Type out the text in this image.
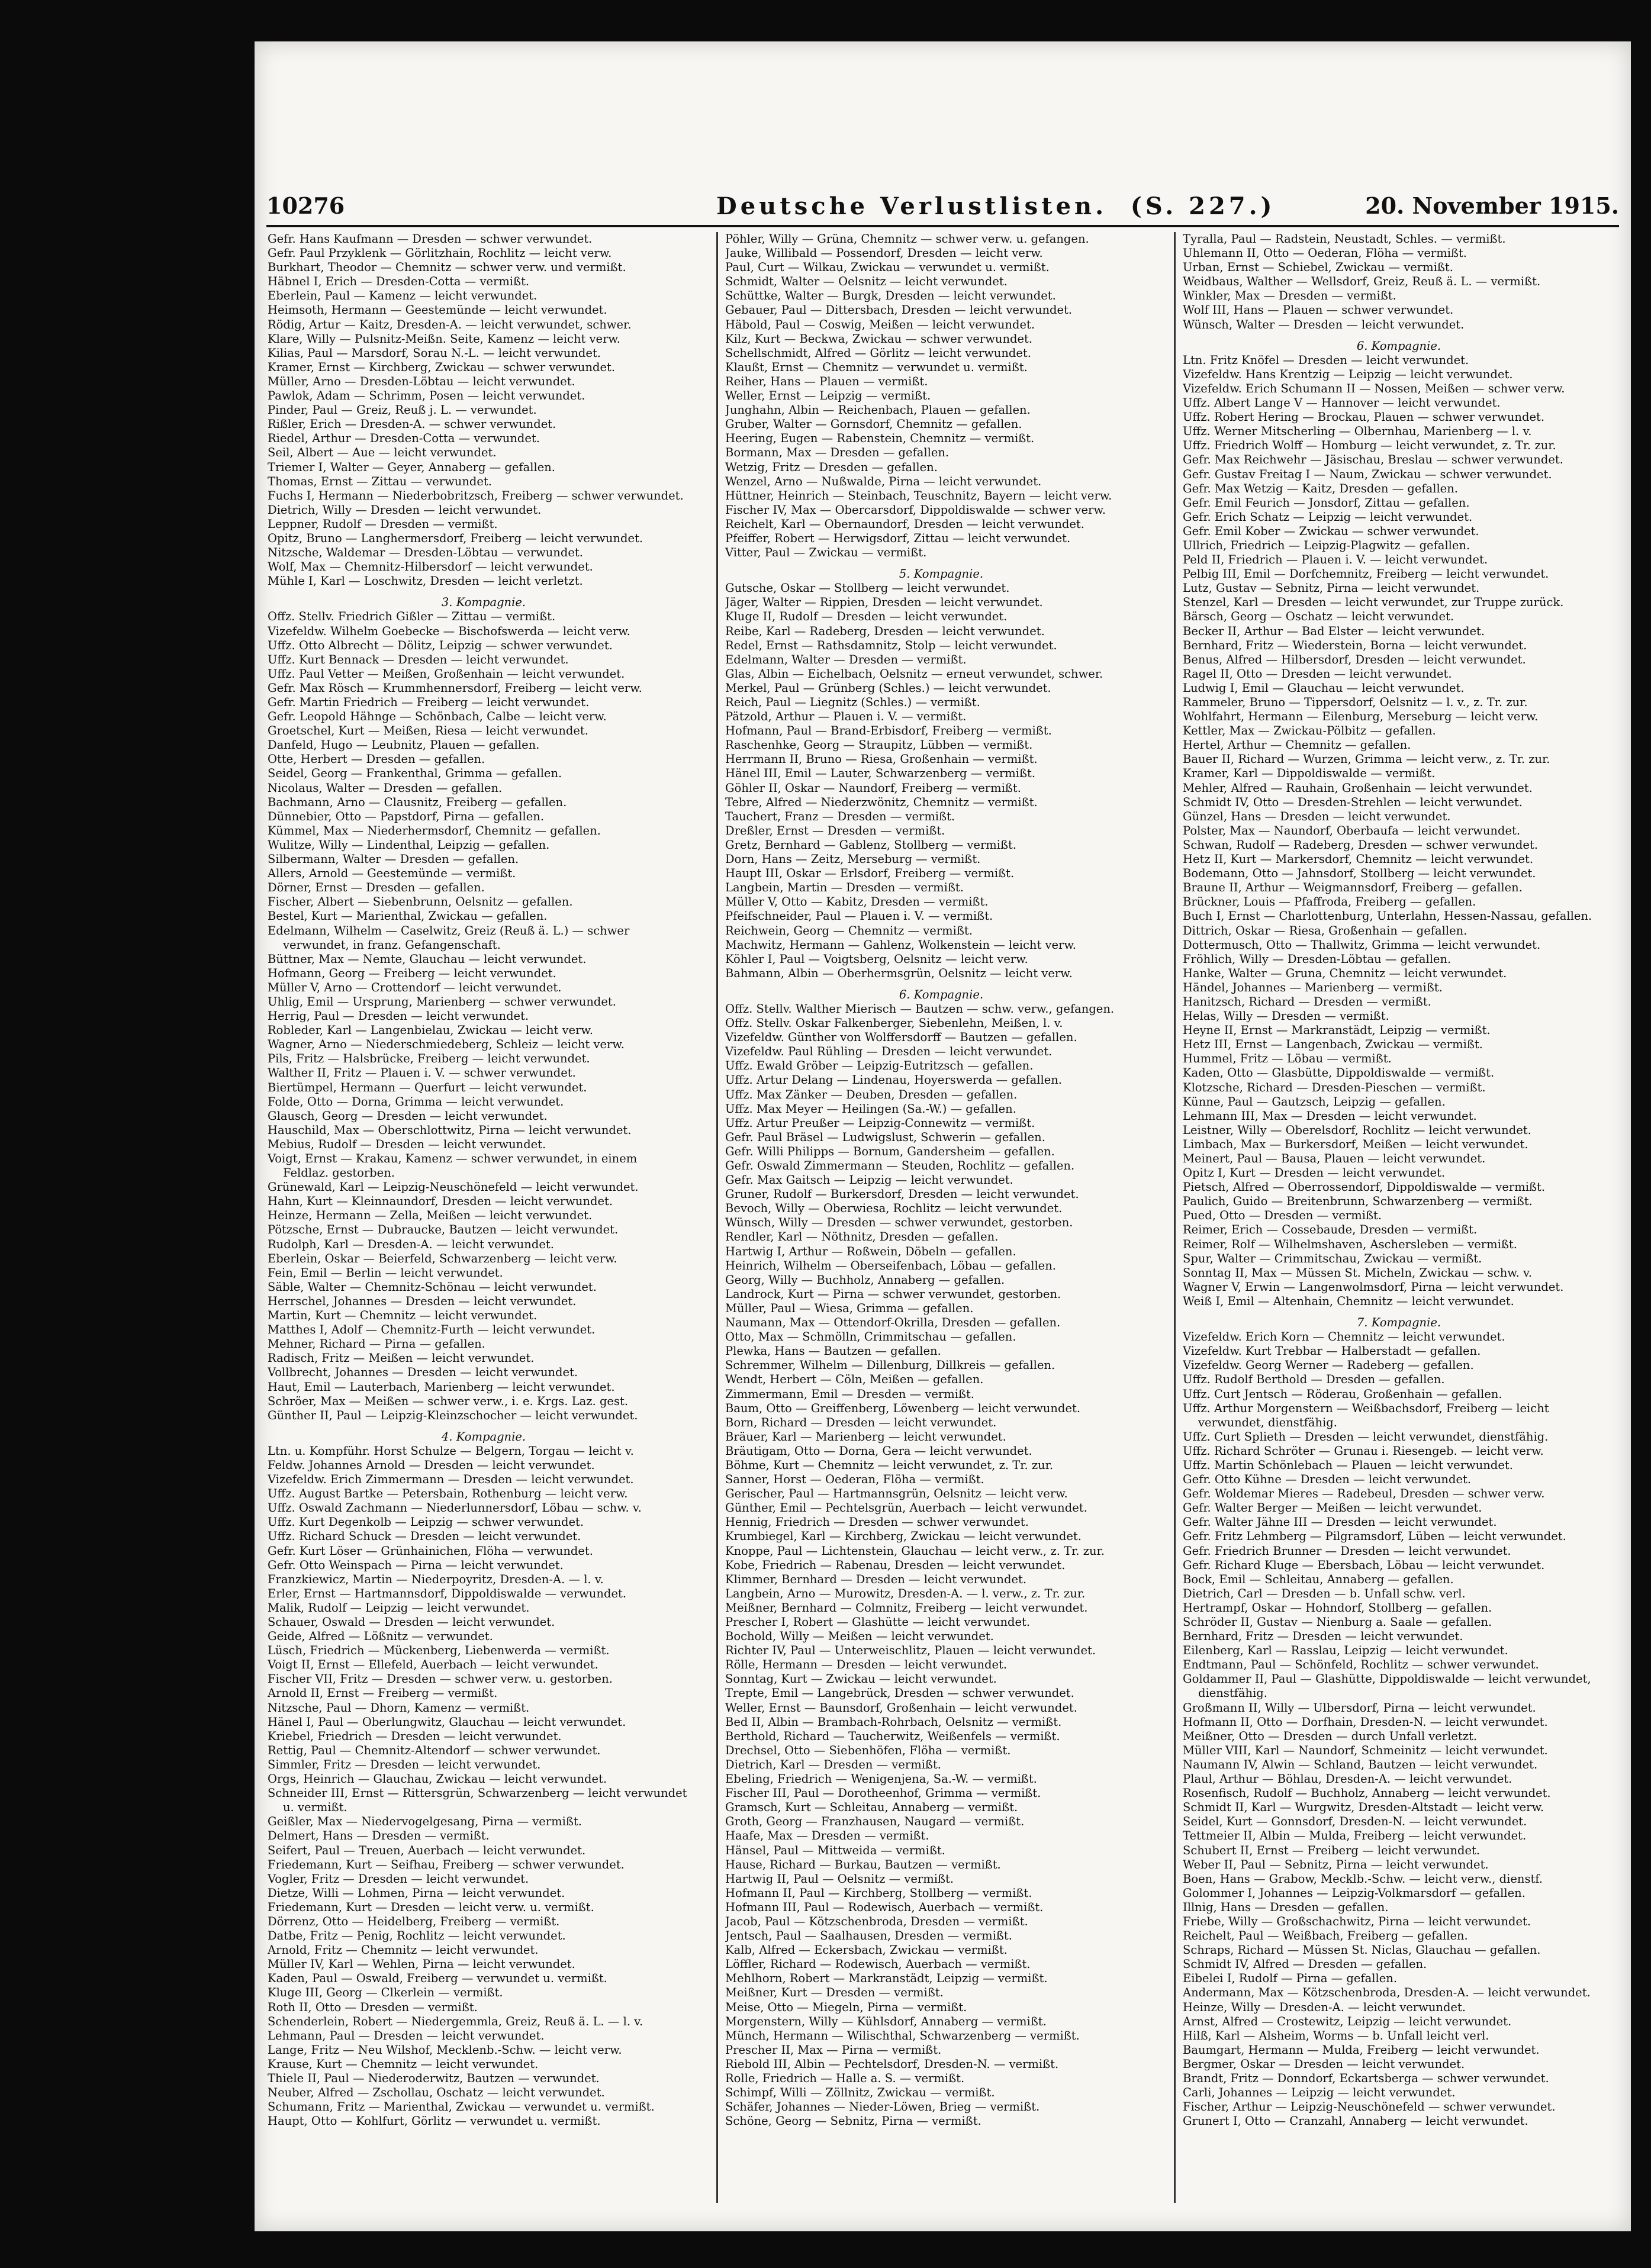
10276	Deutsche Verlustlisten. (S. 227.)	20. November 1915.
Gefr. Hans Kaufmann — Dresden — schwer verwundet.
Gefr. Paul Przyklenk — Görlitzhain, Rochlitz — leicht verw.
Burkhart, Theodor — Chemnitz — schwer verw. und vermißt.
Häbnel I, Erich — Dresden-Cotta — vermißt.
Eberlein, Paul — Kamenz — leicht verwundet.
Heimsoth, Hermann — Geestemünde — leicht verwundet.
Rödig, Artur — Kaitz, Dresden-A. — leicht verwundet, schwer.
Klare, Willy — Pulsnitz-Meißn. Seite, Kamenz — leicht verw.
Kilias, Paul — Marsdorf, Sorau N.-L. — leicht verwundet.
Kramer, Ernst — Kirchberg, Zwickau — schwer verwundet.
Müller, Arno — Dresden-Löbtau — leicht verwundet.
Pawlok, Adam — Schrimm, Posen — leicht verwundet.
Pinder, Paul — Greiz, Reuß j. L. — verwundet.
Rißler, Erich — Dresden-A. — schwer verwundet.
Riedel, Arthur — Dresden-Cotta — verwundet.
Seil, Albert — Aue — leicht verwundet.
Triemer I, Walter — Geyer, Annaberg — gefallen.
Thomas, Ernst — Zittau — verwundet.
Fuchs I, Hermann — Niederbobritzsch, Freiberg — schwer verwundet.
Dietrich, Willy — Dresden — leicht verwundet.
Leppner, Rudolf — Dresden — vermißt.
Opitz, Bruno — Langhermersdorf, Freiberg — leicht verwundet.
Nitzsche, Waldemar — Dresden-Löbtau — verwundet.
Wolf, Max — Chemnitz-Hilbersdorf — leicht verwundet.
Mühle I, Karl — Loschwitz, Dresden — leicht verletzt.
3. Kompagnie.
Offz. Stellv. Friedrich Gißler — Zittau — vermißt.
Vizefeldw. Wilhelm Goebecke — Bischofswerda — leicht verw.
Uffz. Otto Albrecht — Dölitz, Leipzig — schwer verwundet.
Uffz. Kurt Bennack — Dresden — leicht verwundet.
Uffz. Paul Vetter — Meißen, Großenhain — leicht verwundet.
Gefr. Max Rösch — Krummhennersdorf, Freiberg — leicht verw.
Gefr. Martin Friedrich — Freiberg — leicht verwundet.
Gefr. Leopold Hähnge — Schönbach, Calbe — leicht verw.
Groetschel, Kurt — Meißen, Riesa — leicht verwundet.
Danfeld, Hugo — Leubnitz, Plauen — gefallen.
Otte, Herbert — Dresden — gefallen.
Seidel, Georg — Frankenthal, Grimma — gefallen.
Nicolaus, Walter — Dresden — gefallen.
Bachmann, Arno — Clausnitz, Freiberg — gefallen.
Dünnebier, Otto — Papstdorf, Pirna — gefallen.
Kümmel, Max — Niederhermsdorf, Chemnitz — gefallen.
Wulitze, Willy — Lindenthal, Leipzig — gefallen.
Silbermann, Walter — Dresden — gefallen.
Allers, Arnold — Geestemünde — vermißt.
Dörner, Ernst — Dresden — gefallen.
Fischer, Albert — Siebenbrunn, Oelsnitz — gefallen.
Bestel, Kurt — Marienthal, Zwickau — gefallen.
Edelmann, Wilhelm — Caselwitz, Greiz (Reuß ä. L.) — schwer
verwundet, in franz. Gefangenschaft.
Büttner, Max — Nemte, Glauchau — leicht verwundet.
Hofmann, Georg — Freiberg — leicht verwundet.
Müller V, Arno — Crottendorf — leicht verwundet.
Uhlig, Emil — Ursprung, Marienberg — schwer verwundet.
Herrig, Paul — Dresden — leicht verwundet.
Robleder, Karl — Langenbielau, Zwickau — leicht verw.
Wagner, Arno — Niederschmiedeberg, Schleiz — leicht verw.
Pils, Fritz — Halsbrücke, Freiberg — leicht verwundet.
Walther II, Fritz — Plauen i. V. — schwer verwundet.
Biertümpel, Hermann — Querfurt — leicht verwundet.
Folde, Otto — Dorna, Grimma — leicht verwundet.
Glausch, Georg — Dresden — leicht verwundet.
Hauschild, Max — Oberschlottwitz, Pirna — leicht verwundet.
Mebius, Rudolf — Dresden — leicht verwundet.
Voigt, Ernst — Krakau, Kamenz — schwer verwundet, in einem
Feldlaz. gestorben.
Grünewald, Karl — Leipzig-Neuschönefeld — leicht verwundet.
Hahn, Kurt — Kleinnaundorf, Dresden — leicht verwundet.
Heinze, Hermann — Zella, Meißen — leicht verwundet.
Pötzsche, Ernst — Dubraucke, Bautzen — leicht verwundet.
Rudolph, Karl — Dresden-A. — leicht verwundet.
Eberlein, Oskar — Beierfeld, Schwarzenberg — leicht verw.
Fein, Emil — Berlin — leicht verwundet.
Säble, Walter — Chemnitz-Schönau — leicht verwundet.
Herrschel, Johannes — Dresden — leicht verwundet.
Martin, Kurt — Chemnitz — leicht verwundet.
Matthes I, Adolf — Chemnitz-Furth — leicht verwundet.
Mehner, Richard — Pirna — gefallen.
Radisch, Fritz — Meißen — leicht verwundet.
Vollbrecht, Johannes — Dresden — leicht verwundet.
Haut, Emil — Lauterbach, Marienberg — leicht verwundet.
Schröer, Max — Meißen — schwer verw., i. e. Krgs. Laz. gest.
Günther II, Paul — Leipzig-Kleinzschocher — leicht verwundet.
4. Kompagnie.
Ltn. u. Kompführ. Horst Schulze — Belgern, Torgau — leicht v.
Feldw. Johannes Arnold — Dresden — leicht verwundet.
Vizefeldw. Erich Zimmermann — Dresden — leicht verwundet.
Uffz. August Bartke — Petersbain, Rothenburg — leicht verw.
Uffz. Oswald Zachmann — Niederlunnersdorf, Löbau — schw. v.
Uffz. Kurt Degenkolb — Leipzig — schwer verwundet.
Uffz. Richard Schuck — Dresden — leicht verwundet.
Gefr. Kurt Löser — Grünhainichen, Flöha — verwundet.
Gefr. Otto Weinspach — Pirna — leicht verwundet.
Franzkiewicz, Martin — Niederpoyritz, Dresden-A. — l. v.
Erler, Ernst — Hartmannsdorf, Dippoldiswalde — verwundet.
Malik, Rudolf — Leipzig — leicht verwundet.
Schauer, Oswald — Dresden — leicht verwundet.
Geide, Alfred — Lößnitz — verwundet.
Lüsch, Friedrich — Mückenberg, Liebenwerda — vermißt.
Voigt II, Ernst — Ellefeld, Auerbach — leicht verwundet.
Fischer VII, Fritz — Dresden — schwer verw. u. gestorben.
Arnold II, Ernst — Freiberg — vermißt.
Nitzsche, Paul — Dhorn, Kamenz — vermißt.
Hänel I, Paul — Oberlungwitz, Glauchau — leicht verwundet.
Kriebel, Friedrich — Dresden — leicht verwundet.
Rettig, Paul — Chemnitz-Altendorf — schwer verwundet.
Simmler, Fritz — Dresden — leicht verwundet.
Orgs, Heinrich — Glauchau, Zwickau — leicht verwundet.
Schneider III, Ernst — Rittersgrün, Schwarzenberg — leicht verwundet
u. vermißt.
Geißler, Max — Niedervogelgesang, Pirna — vermißt.
Delmert, Hans — Dresden — vermißt.
Seifert, Paul — Treuen, Auerbach — leicht verwundet.
Friedemann, Kurt — Seifhau, Freiberg — schwer verwundet.
Vogler, Fritz — Dresden — leicht verwundet.
Dietze, Willi — Lohmen, Pirna — leicht verwundet.
Friedemann, Kurt — Dresden — leicht verw. u. vermißt.
Dörrenz, Otto — Heidelberg, Freiberg — vermißt.
Datbe, Fritz — Penig, Rochlitz — leicht verwundet.
Arnold, Fritz — Chemnitz — leicht verwundet.
Müller IV, Karl — Wehlen, Pirna — leicht verwundet.
Kaden, Paul — Oswald, Freiberg — verwundet u. vermißt.
Kluge III, Georg — Clkerlein — vermißt.
Roth II, Otto — Dresden — vermißt.
Schenderlein, Robert — Niedergemmla, Greiz, Reuß ä. L. — l. v.
Lehmann, Paul — Dresden — leicht verwundet.
Lange, Fritz — Neu Wilshof, Mecklenb.-Schw. — leicht verw.
Krause, Kurt — Chemnitz — leicht verwundet.
Thiele II, Paul — Niederoderwitz, Bautzen — verwundet.
Neuber, Alfred — Zschollau, Oschatz — leicht verwundet.
Schumann, Fritz — Marienthal, Zwickau — verwundet u. vermißt.
Haupt, Otto — Kohlfurt, Görlitz — verwundet u. vermißt.
Pöhler, Willy — Grüna, Chemnitz — schwer verw. u. gefangen.
Jauke, Willibald — Possendorf, Dresden — leicht verw.
Paul, Curt — Wilkau, Zwickau — verwundet u. vermißt.
Schmidt, Walter — Oelsnitz — leicht verwundet.
Schüttke, Walter — Burgk, Dresden — leicht verwundet.
Gebauer, Paul — Dittersbach, Dresden — leicht verwundet.
Häbold, Paul — Coswig, Meißen — leicht verwundet.
Kilz, Kurt — Beckwa, Zwickau — schwer verwundet.
Schellschmidt, Alfred — Görlitz — leicht verwundet.
Klaußt, Ernst — Chemnitz — verwundet u. vermißt.
Reiher, Hans — Plauen — vermißt.
Weller, Ernst — Leipzig — vermißt.
Junghahn, Albin — Reichenbach, Plauen — gefallen.
Gruber, Walter — Gornsdorf, Chemnitz — gefallen.
Heering, Eugen — Rabenstein, Chemnitz — vermißt.
Bormann, Max — Dresden — gefallen.
Wetzig, Fritz — Dresden — gefallen.
Wenzel, Arno — Nußwalde, Pirna — leicht verwundet.
Hüttner, Heinrich — Steinbach, Teuschnitz, Bayern — leicht verw.
Fischer IV, Max — Obercarsdorf, Dippoldiswalde — schwer verw.
Reichelt, Karl — Obernaundorf, Dresden — leicht verwundet.
Pfeiffer, Robert — Herwigsdorf, Zittau — leicht verwundet.
Vitter, Paul — Zwickau — vermißt.
5. Kompagnie.
Gutsche, Oskar — Stollberg — leicht verwundet.
Jäger, Walter — Rippien, Dresden — leicht verwundet.
Kluge II, Rudolf — Dresden — leicht verwundet.
Reibe, Karl — Radeberg, Dresden — leicht verwundet.
Redel, Ernst — Rathsdamnitz, Stolp — leicht verwundet.
Edelmann, Walter — Dresden — vermißt.
Glas, Albin — Eichelbach, Oelsnitz — erneut verwundet, schwer.
Merkel, Paul — Grünberg (Schles.) — leicht verwundet.
Reich, Paul — Liegnitz (Schles.) — vermißt.
Pätzold, Arthur — Plauen i. V. — vermißt.
Hofmann, Paul — Brand-Erbisdorf, Freiberg — vermißt.
Raschenhke, Georg — Straupitz, Lübben — vermißt.
Herrmann II, Bruno — Riesa, Großenhain — vermißt.
Hänel III, Emil — Lauter, Schwarzenberg — vermißt.
Göhler II, Oskar — Naundorf, Freiberg — vermißt.
Tebre, Alfred — Niederzwönitz, Chemnitz — vermißt.
Tauchert, Franz — Dresden — vermißt.
Dreßler, Ernst — Dresden — vermißt.
Gretz, Bernhard — Gablenz, Stollberg — vermißt.
Dorn, Hans — Zeitz, Merseburg — vermißt.
Haupt III, Oskar — Erlsdorf, Freiberg — vermißt.
Langbein, Martin — Dresden — vermißt.
Müller V, Otto — Kabitz, Dresden — vermißt.
Pfeifschneider, Paul — Plauen i. V. — vermißt.
Reichwein, Georg — Chemnitz — vermißt.
Machwitz, Hermann — Gahlenz, Wolkenstein — leicht verw.
Köhler I, Paul — Voigtsberg, Oelsnitz — leicht verw.
Bahmann, Albin — Oberhermsgrün, Oelsnitz — leicht verw.
6. Kompagnie.
Offz. Stellv. Walther Mierisch — Bautzen — schw. verw., gefangen.
Offz. Stellv. Oskar Falkenberger, Siebenlehn, Meißen, l. v.
Vizefeldw. Günther von Wolffersdorff — Bautzen — gefallen.
Vizefeldw. Paul Rühling — Dresden — leicht verwundet.
Uffz. Ewald Gröber — Leipzig-Eutritzsch — gefallen.
Uffz. Artur Delang — Lindenau, Hoyerswerda — gefallen.
Uffz. Max Zänker — Deuben, Dresden — gefallen.
Uffz. Max Meyer — Heilingen (Sa.-W.) — gefallen.
Uffz. Artur Preußer — Leipzig-Connewitz — vermißt.
Gefr. Paul Bräsel — Ludwigslust, Schwerin — gefallen.
Gefr. Willi Philipps — Bornum, Gandersheim — gefallen.
Gefr. Oswald Zimmermann — Steuden, Rochlitz — gefallen.
Gefr. Max Gaitsch — Leipzig — leicht verwundet.
Gruner, Rudolf — Burkersdorf, Dresden — leicht verwundet.
Bevoch, Willy — Oberwiesa, Rochlitz — leicht verwundet.
Wünsch, Willy — Dresden — schwer verwundet, gestorben.
Rendler, Karl — Nöthnitz, Dresden — gefallen.
Hartwig I, Arthur — Roßwein, Döbeln — gefallen.
Heinrich, Wilhelm — Oberseifenbach, Löbau — gefallen.
Georg, Willy — Buchholz, Annaberg — gefallen.
Landrock, Kurt — Pirna — schwer verwundet, gestorben.
Müller, Paul — Wiesa, Grimma — gefallen.
Naumann, Max — Ottendorf-Okrilla, Dresden — gefallen.
Otto, Max — Schmölln, Crimmitschau — gefallen.
Plewka, Hans — Bautzen — gefallen.
Schremmer, Wilhelm — Dillenburg, Dillkreis — gefallen.
Wendt, Herbert — Cöln, Meißen — gefallen.
Zimmermann, Emil — Dresden — vermißt.
Baum, Otto — Greiffenberg, Löwenberg — leicht verwundet.
Born, Richard — Dresden — leicht verwundet.
Bräuer, Karl — Marienberg — leicht verwundet.
Bräutigam, Otto — Dorna, Gera — leicht verwundet.
Böhme, Kurt — Chemnitz — leicht verwundet, z. Tr. zur.
Sanner, Horst — Oederan, Flöha — vermißt.
Gerischer, Paul — Hartmannsgrün, Oelsnitz — leicht verw.
Günther, Emil — Pechtelsgrün, Auerbach — leicht verwundet.
Hennig, Friedrich — Dresden — schwer verwundet.
Krumbiegel, Karl — Kirchberg, Zwickau — leicht verwundet.
Knoppe, Paul — Lichtenstein, Glauchau — leicht verw., z. Tr. zur.
Kobe, Friedrich — Rabenau, Dresden — leicht verwundet.
Klimmer, Bernhard — Dresden — leicht verwundet.
Langbein, Arno — Murowitz, Dresden-A. — l. verw., z. Tr. zur.
Meißner, Bernhard — Colmnitz, Freiberg — leicht verwundet.
Prescher I, Robert — Glashütte — leicht verwundet.
Bochold, Willy — Meißen — leicht verwundet.
Richter IV, Paul — Unterweischlitz, Plauen — leicht verwundet.
Rölle, Hermann — Dresden — leicht verwundet.
Sonntag, Kurt — Zwickau — leicht verwundet.
Trepte, Emil — Langebrück, Dresden — schwer verwundet.
Weller, Ernst — Baunsdorf, Großenhain — leicht verwundet.
Bed II, Albin — Brambach-Rohrbach, Oelsnitz — vermißt.
Berthold, Richard — Taucherwitz, Weißenfels — vermißt.
Drechsel, Otto — Siebenhöfen, Flöha — vermißt.
Dietrich, Karl — Dresden — vermißt.
Ebeling, Friedrich — Wenigenjena, Sa.-W. — vermißt.
Fischer III, Paul — Dorotheenhof, Grimma — vermißt.
Gramsch, Kurt — Schleitau, Annaberg — vermißt.
Groth, Georg — Franzhausen, Naugard — vermißt.
Haafe, Max — Dresden — vermißt.
Hänsel, Paul — Mittweida — vermißt.
Hause, Richard — Burkau, Bautzen — vermißt.
Hartwig II, Paul — Oelsnitz — vermißt.
Hofmann II, Paul — Kirchberg, Stollberg — vermißt.
Hofmann III, Paul — Rodewisch, Auerbach — vermißt.
Jacob, Paul — Kötzschenbroda, Dresden — vermißt.
Jentsch, Paul — Saalhausen, Dresden — vermißt.
Kalb, Alfred — Eckersbach, Zwickau — vermißt.
Löffler, Richard — Rodewisch, Auerbach — vermißt.
Mehlhorn, Robert — Markranstädt, Leipzig — vermißt.
Meißner, Kurt — Dresden — vermißt.
Meise, Otto — Miegeln, Pirna — vermißt.
Morgenstern, Willy — Kühlsdorf, Annaberg — vermißt.
Münch, Hermann — Wilischthal, Schwarzenberg — vermißt.
Prescher II, Max — Pirna — vermißt.
Riebold III, Albin — Pechtelsdorf, Dresden-N. — vermißt.
Rolle, Friedrich — Halle a. S. — vermißt.
Schimpf, Willi — Zöllnitz, Zwickau — vermißt.
Schäfer, Johannes — Nieder-Löwen, Brieg — vermißt.
Schöne, Georg — Sebnitz, Pirna — vermißt.
Tyralla, Paul — Radstein, Neustadt, Schles. — vermißt.
Uhlemann II, Otto — Oederan, Flöha — vermißt.
Urban, Ernst — Schiebel, Zwickau — vermißt.
Weidbaus, Walther — Wellsdorf, Greiz, Reuß ä. L. — vermißt.
Winkler, Max — Dresden — vermißt.
Wolf III, Hans — Plauen — schwer verwundet.
Wünsch, Walter — Dresden — leicht verwundet.
6. Kompagnie.
Ltn. Fritz Knöfel — Dresden — leicht verwundet.
Vizefeldw. Hans Krentzig — Leipzig — leicht verwundet.
Vizefeldw. Erich Schumann II — Nossen, Meißen — schwer verw.
Uffz. Albert Lange V — Hannover — leicht verwundet.
Uffz. Robert Hering — Brockau, Plauen — schwer verwundet.
Uffz. Werner Mitscherling — Olbernhau, Marienberg — l. v.
Uffz. Friedrich Wolff — Homburg — leicht verwundet, z. Tr. zur.
Gefr. Max Reichwehr — Jäsischau, Breslau — schwer verwundet.
Gefr. Gustav Freitag I — Naum, Zwickau — schwer verwundet.
Gefr. Max Wetzig — Kaitz, Dresden — gefallen.
Gefr. Emil Feurich — Jonsdorf, Zittau — gefallen.
Gefr. Erich Schatz — Leipzig — leicht verwundet.
Gefr. Emil Kober — Zwickau — schwer verwundet.
Ullrich, Friedrich — Leipzig-Plagwitz — gefallen.
Peld II, Friedrich — Plauen i. V. — leicht verwundet.
Pelbig III, Emil — Dorfchemnitz, Freiberg — leicht verwundet.
Lutz, Gustav — Sebnitz, Pirna — leicht verwundet.
Stenzel, Karl — Dresden — leicht verwundet, zur Truppe zurück.
Bärsch, Georg — Oschatz — leicht verwundet.
Becker II, Arthur — Bad Elster — leicht verwundet.
Bernhard, Fritz — Wiederstein, Borna — leicht verwundet.
Benus, Alfred — Hilbersdorf, Dresden — leicht verwundet.
Ragel II, Otto — Dresden — leicht verwundet.
Ludwig I, Emil — Glauchau — leicht verwundet.
Rammeler, Bruno — Tippersdorf, Oelsnitz — l. v., z. Tr. zur.
Wohlfahrt, Hermann — Eilenburg, Merseburg — leicht verw.
Kettler, Max — Zwickau-Pölbitz — gefallen.
Hertel, Arthur — Chemnitz — gefallen.
Bauer II, Richard — Wurzen, Grimma — leicht verw., z. Tr. zur.
Kramer, Karl — Dippoldiswalde — vermißt.
Mehler, Alfred — Rauhain, Großenhain — leicht verwundet.
Schmidt IV, Otto — Dresden-Strehlen — leicht verwundet.
Günzel, Hans — Dresden — leicht verwundet.
Polster, Max — Naundorf, Oberbaufa — leicht verwundet.
Schwan, Rudolf — Radeberg, Dresden — schwer verwundet.
Hetz II, Kurt — Markersdorf, Chemnitz — leicht verwundet.
Bodemann, Otto — Jahnsdorf, Stollberg — leicht verwundet.
Braune II, Arthur — Weigmannsdorf, Freiberg — gefallen.
Brückner, Louis — Pfaffroda, Freiberg — gefallen.
Buch I, Ernst — Charlottenburg, Unterlahn, Hessen-Nassau, gefallen.
Dittrich, Oskar — Riesa, Großenhain — gefallen.
Dottermusch, Otto — Thallwitz, Grimma — leicht verwundet.
Fröhlich, Willy — Dresden-Löbtau — gefallen.
Hanke, Walter — Gruna, Chemnitz — leicht verwundet.
Händel, Johannes — Marienberg — vermißt.
Hanitzsch, Richard — Dresden — vermißt.
Helas, Willy — Dresden — vermißt.
Heyne II, Ernst — Markranstädt, Leipzig — vermißt.
Hetz III, Ernst — Langenbach, Zwickau — vermißt.
Hummel, Fritz — Löbau — vermißt.
Kaden, Otto — Glasbütte, Dippoldiswalde — vermißt.
Klotzsche, Richard — Dresden-Pieschen — vermißt.
Künne, Paul — Gautzsch, Leipzig — gefallen.
Lehmann III, Max — Dresden — leicht verwundet.
Leistner, Willy — Oberelsdorf, Rochlitz — leicht verwundet.
Limbach, Max — Burkersdorf, Meißen — leicht verwundet.
Meinert, Paul — Bausa, Plauen — leicht verwundet.
Opitz I, Kurt — Dresden — leicht verwundet.
Pietsch, Alfred — Oberrossendorf, Dippoldiswalde — vermißt.
Paulich, Guido — Breitenbrunn, Schwarzenberg — vermißt.
Pued, Otto — Dresden — vermißt.
Reimer, Erich — Cossebaude, Dresden — vermißt.
Reimer, Rolf — Wilhelmshaven, Aschersleben — vermißt.
Spur, Walter — Crimmitschau, Zwickau — vermißt.
Sonntag II, Max — Müssen St. Micheln, Zwickau — schw. v.
Wagner V, Erwin — Langenwolmsdorf, Pirna — leicht verwundet.
Weiß I, Emil — Altenhain, Chemnitz — leicht verwundet.
7. Kompagnie.
Vizefeldw. Erich Korn — Chemnitz — leicht verwundet.
Vizefeldw. Kurt Trebbar — Halberstadt — gefallen.
Vizefeldw. Georg Werner — Radeberg — gefallen.
Uffz. Rudolf Berthold — Dresden — gefallen.
Uffz. Curt Jentsch — Röderau, Großenhain — gefallen.
Uffz. Arthur Morgenstern — Weißbachsdorf, Freiberg — leicht
verwundet, dienstfähig.
Uffz. Curt Splieth — Dresden — leicht verwundet, dienstfähig.
Uffz. Richard Schröter — Grunau i. Riesengeb. — leicht verw.
Uffz. Martin Schönlebach — Plauen — leicht verwundet.
Gefr. Otto Kühne — Dresden — leicht verwundet.
Gefr. Woldemar Mieres — Radebeul, Dresden — schwer verw.
Gefr. Walter Berger — Meißen — leicht verwundet.
Gefr. Walter Jähne III — Dresden — leicht verwundet.
Gefr. Fritz Lehmberg — Pilgramsdorf, Lüben — leicht verwundet.
Gefr. Friedrich Brunner — Dresden — leicht verwundet.
Gefr. Richard Kluge — Ebersbach, Löbau — leicht verwundet.
Bock, Emil — Schleitau, Annaberg — gefallen.
Dietrich, Carl — Dresden — b. Unfall schw. verl.
Hertrampf, Oskar — Hohndorf, Stollberg — gefallen.
Schröder II, Gustav — Nienburg a. Saale — gefallen.
Bernhard, Fritz — Dresden — leicht verwundet.
Eilenberg, Karl — Rasslau, Leipzig — leicht verwundet.
Endtmann, Paul — Schönfeld, Rochlitz — schwer verwundet.
Goldammer II, Paul — Glashütte, Dippoldiswalde — leicht verwundet,
dienstfähig.
Großmann II, Willy — Ulbersdorf, Pirna — leicht verwundet.
Hofmann II, Otto — Dorfhain, Dresden-N. — leicht verwundet.
Meißner, Otto — Dresden — durch Unfall verletzt.
Müller VIII, Karl — Naundorf, Schmeinitz — leicht verwundet.
Naumann IV, Alwin — Schland, Bautzen — leicht verwundet.
Plaul, Arthur — Böhlau, Dresden-A. — leicht verwundet.
Rosenfisch, Rudolf — Buchholz, Annaberg — leicht verwundet.
Schmidt II, Karl — Wurgwitz, Dresden-Altstadt — leicht verw.
Seidel, Kurt — Gonnsdorf, Dresden-N. — leicht verwundet.
Tettmeier II, Albin — Mulda, Freiberg — leicht verwundet.
Schubert II, Ernst — Freiberg — leicht verwundet.
Weber II, Paul — Sebnitz, Pirna — leicht verwundet.
Boen, Hans — Grabow, Mecklb.-Schw. — leicht verw., dienstf.
Golommer I, Johannes — Leipzig-Volkmarsdorf — gefallen.
Illnig, Hans — Dresden — gefallen.
Friebe, Willy — Großschachwitz, Pirna — leicht verwundet.
Reichelt, Paul — Weißbach, Freiberg — gefallen.
Schraps, Richard — Müssen St. Niclas, Glauchau — gefallen.
Schmidt IV, Alfred — Dresden — gefallen.
Eibelei I, Rudolf — Pirna — gefallen.
Andermann, Max — Kötzschenbroda, Dresden-A. — leicht verwundet.
Heinze, Willy — Dresden-A. — leicht verwundet.
Arnst, Alfred — Crostewitz, Leipzig — leicht verwundet.
Hilß, Karl — Alsheim, Worms — b. Unfall leicht verl.
Baumgart, Hermann — Mulda, Freiberg — leicht verwundet.
Bergmer, Oskar — Dresden — leicht verwundet.
Brandt, Fritz — Donndorf, Eckartsberga — schwer verwundet.
Carli, Johannes — Leipzig — leicht verwundet.
Fischer, Arthur — Leipzig-Neuschönefeld — schwer verwundet.
Grunert I, Otto — Cranzahl, Annaberg — leicht verwundet.
